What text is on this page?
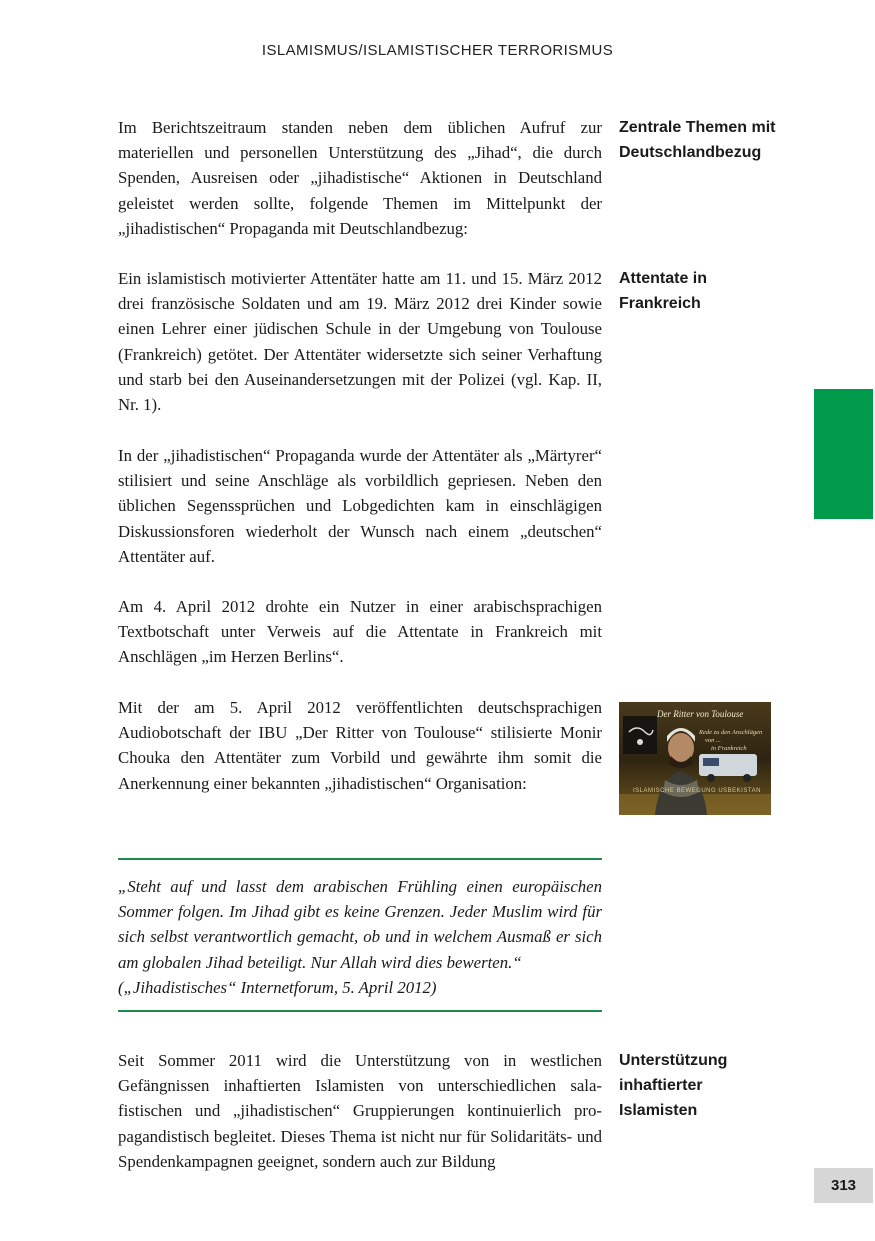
ISLAMISMUS/ISLAMISTISCHER TERRORISMUS
Zentrale Themen mit
Deutschlandbezug

Im Berichtszeitraum standen neben dem üblichen Aufruf zur materiellen und personellen Unterstützung des „Jihad“, die durch Spenden, Ausreisen oder „jihadistische“ Aktionen in Deutschland geleistet werden sollte, folgende Themen im Mittelpunkt der „jihadistischen“ Propaganda mit Deutschlandbezug:

Attentate in
Frankreich

Ein islamistisch motivierter Attentäter hatte am 11. und 15. März 2012 drei französische Soldaten und am 19. März 2012 drei Kinder sowie einen Lehrer einer jüdischen Schule in der Umgebung von Toulouse (Frankreich) getötet. Der Attentäter widersetzte sich seiner Verhaftung und starb bei den Auseinandersetzungen mit der Polizei (vgl. Kap. II, Nr. 1).

In der „jihadistischen“ Propaganda wurde der Attentäter als „Märtyrer“ stilisiert und seine Anschläge als vorbildlich gepriesen. Neben den üblichen Segenssprüchen und Lobgedichten kam in einschlägigen Diskussionsforen wiederholt der Wunsch nach einem „deutschen“ Attentäter auf.

Am 4. April 2012 drohte ein Nutzer in einer arabischsprachigen Textbotschaft unter Verweis auf die Attentate in Frankreich mit Anschlägen „im Herzen Berlins“.

Mit der am 5. April 2012 veröffentlichten deutschsprachigen Audiobotschaft der IBU „Der Ritter von Toulouse“ stilisierte Monir Chouka den Attentäter zum Vorbild und gewährte ihm somit die Anerkennung einer bekannten „jihadistischen“ Organisation:

Der Ritter von Toulouse
Rede zu den Anschlägen
von ...
in Frankreich
ISLAMISCHE BEWEGUNG USBEKISTAN

„Steht auf und lasst dem arabischen Frühling einen europäischen Sommer folgen. Im Jihad gibt es keine Grenzen. Jeder Muslim wird für sich selbst verantwortlich gemacht, ob und in welchem Ausmaß er sich am globalen Jihad beteiligt. Nur Allah wird dies bewerten.“

(„Jihadistisches“ Internetforum, 5. April 2012)

Unterstützung
inhaftierter
Islamisten

Seit Sommer 2011 wird die Unterstützung von in westlichen Gefängnissen inhaftierten Islamisten von unterschiedlichen salafistischen und „jihadistischen“ Gruppierungen kontinuierlich propagandistisch begleitet. Dieses Thema ist nicht nur für Solidaritäts- und Spendenkampagnen geeignet, sondern auch zur Bildung

313
